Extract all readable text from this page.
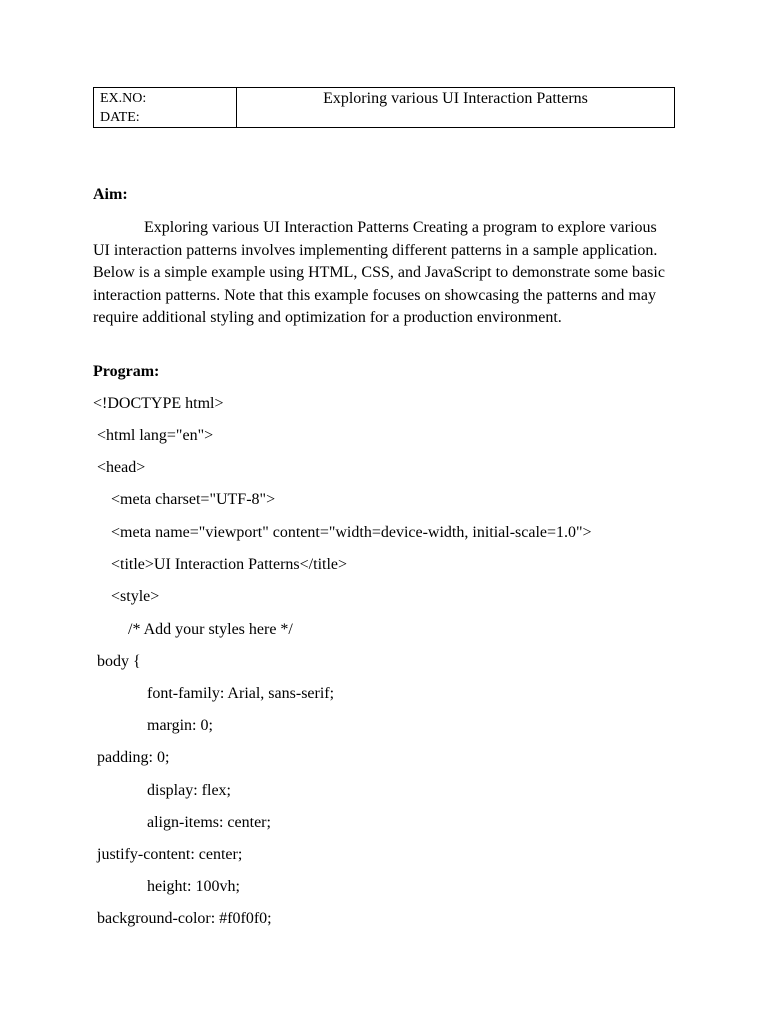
EX.NO:
DATE:
	Exploring various UI Interaction Patterns

Aim:

Exploring various UI Interaction Patterns Creating a program to explore various UI interaction patterns involves implementing different patterns in a sample application. Below is a simple example using HTML, CSS, and JavaScript to demonstrate some basic interaction patterns. Note that this example focuses on showcasing the patterns and may require additional styling and optimization for a production environment.

Program:

<!DOCTYPE html>

<html lang="en">

<head>

<meta charset="UTF-8">

<meta name="viewport" content="width=device-width, initial-scale=1.0">

<title>UI Interaction Patterns</title>

<style>

/* Add your styles here */

body {

font-family: Arial, sans-serif;

margin: 0;

padding: 0;

display: flex;

align-items: center;

justify-content: center;

height: 100vh;

background-color: #f0f0f0;
